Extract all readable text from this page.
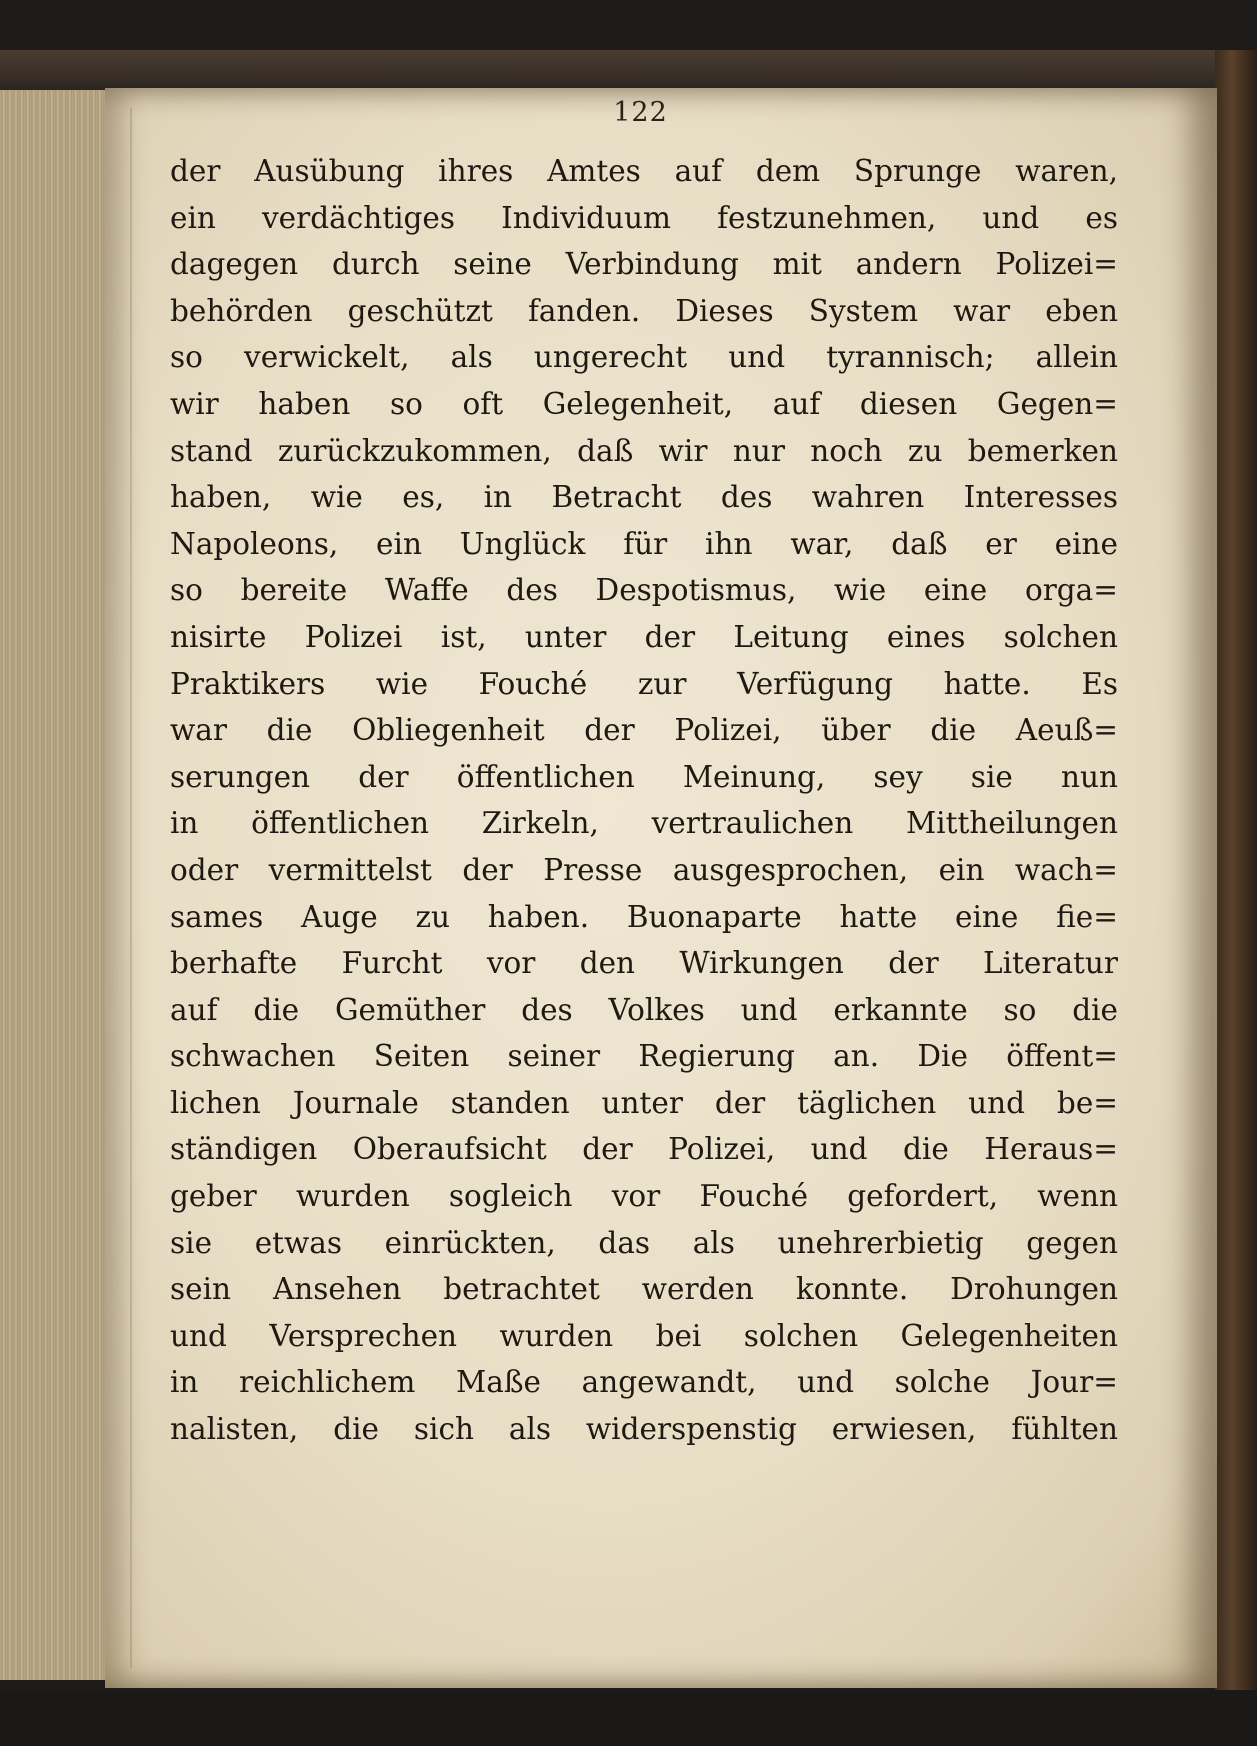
122
der Ausübung ihres Amtes auf dem Sprunge waren,
ein verdächtiges Individuum festzunehmen, und es
dagegen durch seine Verbindung mit andern Polizei=
behörden geschützt fanden. Dieses System war eben
so verwickelt, als ungerecht und tyrannisch; allein
wir haben so oft Gelegenheit, auf diesen Gegen=
stand zurückzukommen, daß wir nur noch zu bemerken
haben, wie es, in Betracht des wahren Interesses
Napoleons, ein Unglück für ihn war, daß er eine
so bereite Waffe des Despotismus, wie eine orga=
nisirte Polizei ist, unter der Leitung eines solchen
Praktikers wie Fouché zur Verfügung hatte. Es
war die Obliegenheit der Polizei, über die Aeuß=
serungen der öffentlichen Meinung, sey sie nun
in öffentlichen Zirkeln, vertraulichen Mittheilungen
oder vermittelst der Presse ausgesprochen, ein wach=
sames Auge zu haben. Buonaparte hatte eine fie=
berhafte Furcht vor den Wirkungen der Literatur
auf die Gemüther des Volkes und erkannte so die
schwachen Seiten seiner Regierung an. Die öffent=
lichen Journale standen unter der täglichen und be=
ständigen Oberaufsicht der Polizei, und die Heraus=
geber wurden sogleich vor Fouché gefordert, wenn
sie etwas einrückten, das als unehrerbietig gegen
sein Ansehen betrachtet werden konnte. Drohungen
und Versprechen wurden bei solchen Gelegenheiten
in reichlichem Maße angewandt, und solche Jour=
nalisten, die sich als widerspenstig erwiesen, fühlten
